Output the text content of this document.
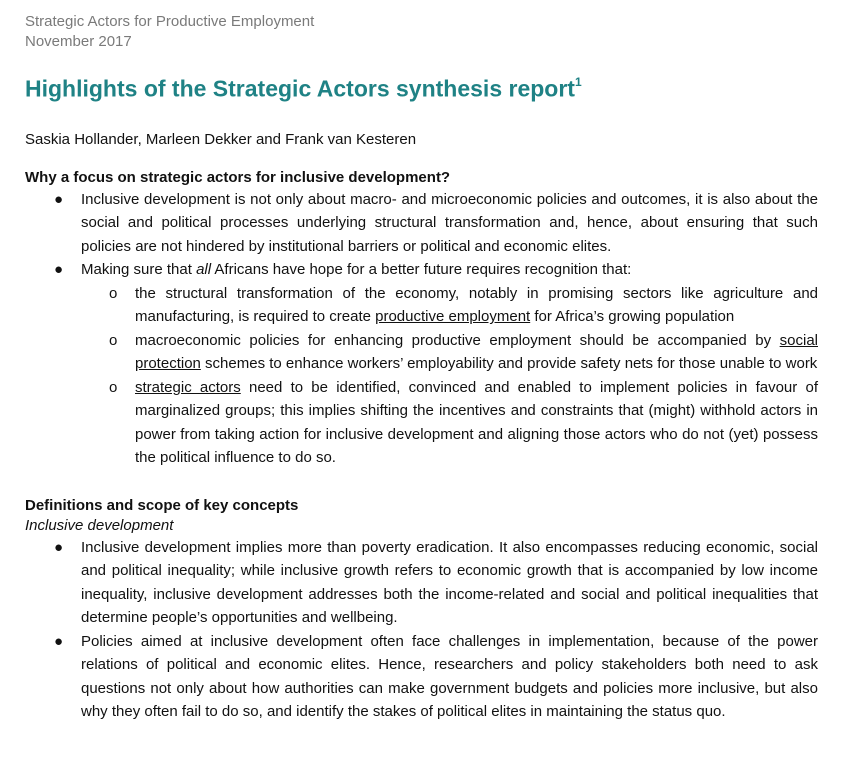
Strategic Actors for Productive Employment
November 2017
Highlights of the Strategic Actors synthesis report$^1$
Saskia Hollander, Marleen Dekker and Frank van Kesteren
Why a focus on strategic actors for inclusive development?
● Inclusive development is not only about macro- and microeconomic policies and outcomes, it is also about the social and political processes underlying structural transformation and, hence, about ensuring that such policies are not hindered by institutional barriers or political and economic elites.
● Making sure that all Africans have hope for a better future requires recognition that:
o the structural transformation of the economy, notably in promising sectors like agriculture and manufacturing, is required to create productive employment for Africa’s growing population
o macroeconomic policies for enhancing productive employment should be accompanied by social protection schemes to enhance workers’ employability and provide safety nets for those unable to work
o strategic actors need to be identified, convinced and enabled to implement policies in favour of marginalized groups; this implies shifting the incentives and constraints that (might) withhold actors in power from taking action for inclusive development and aligning those actors who do not (yet) possess the political influence to do so.
Definitions and scope of key concepts
Inclusive development
● Inclusive development implies more than poverty eradication. It also encompasses reducing economic, social and political inequality; while inclusive growth refers to economic growth that is accompanied by low income inequality, inclusive development addresses both the income-related and social and political inequalities that determine people’s opportunities and wellbeing.
● Policies aimed at inclusive development often face challenges in implementation, because of the power relations of political and economic elites. Hence, researchers and policy stakeholders both need to ask questions not only about how authorities can make government budgets and policies more inclusive, but also why they often fail to do so, and identify the stakes of political elites in maintaining the status quo.
